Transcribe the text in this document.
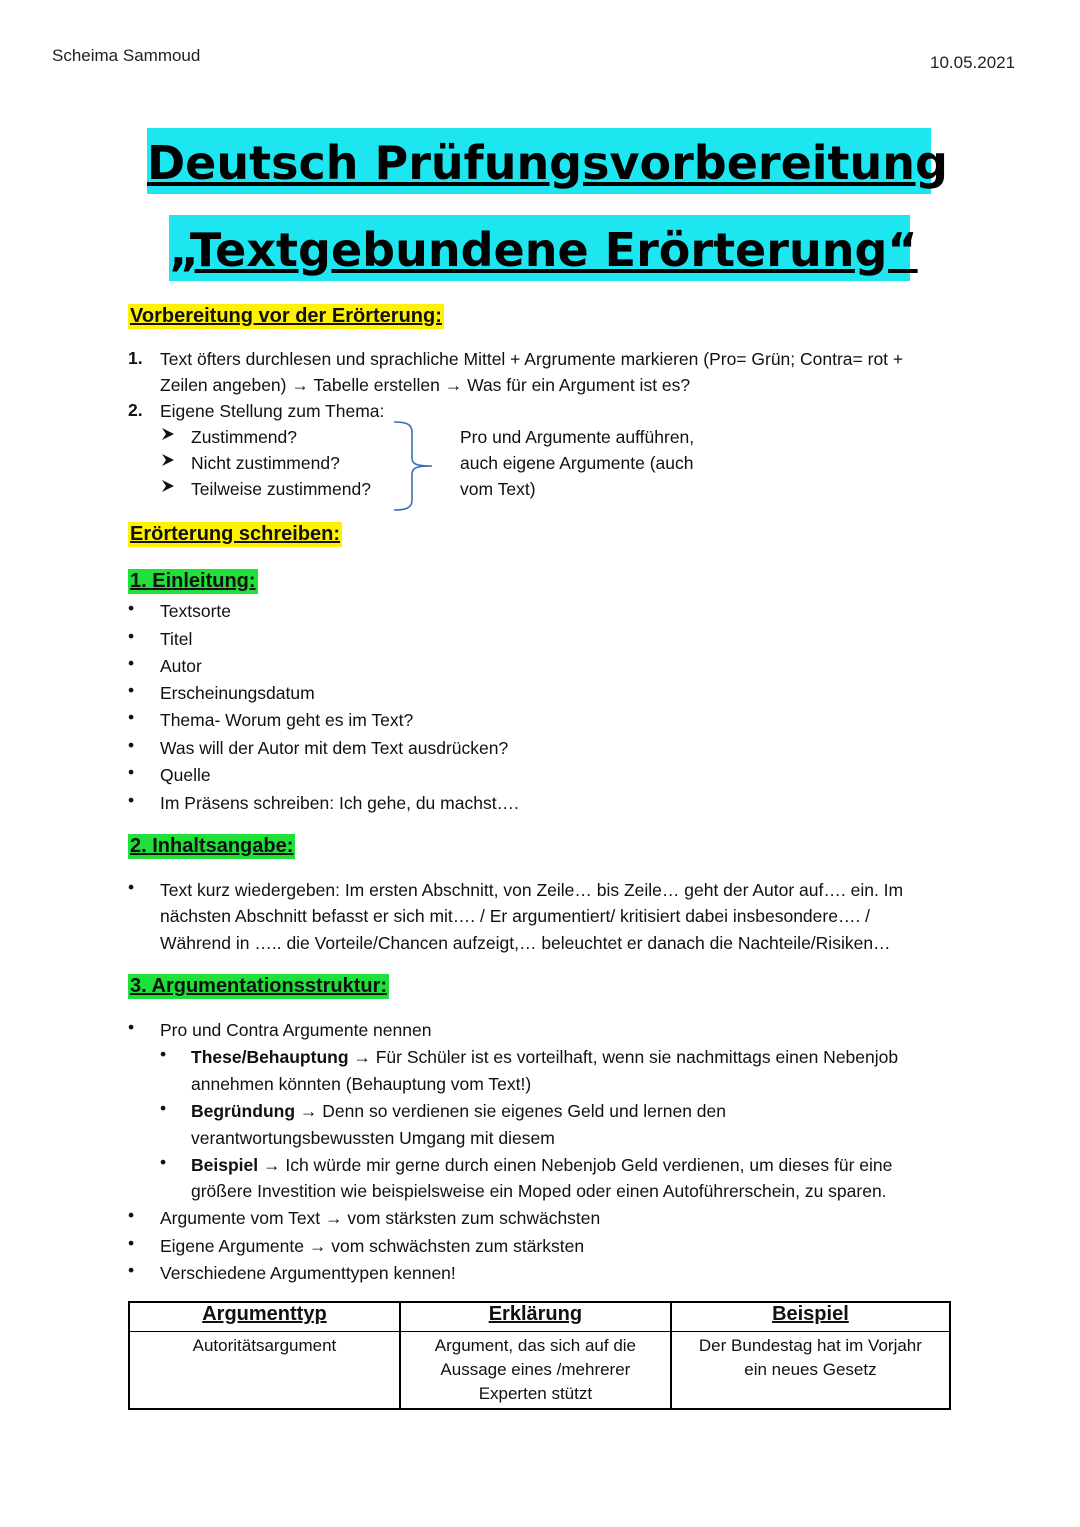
Scheima Sammoud	10.05.2021
Deutsch Prüfungsvorbereitung
„Textgebundene Erörterung“
Vorbereitung vor der Erörterung:
1. Text öfters durchlesen und sprachliche Mittel + Argrumente markieren (Pro= Grün; Contra= rot +
Zeilen angeben) → Tabelle erstellen → Was für ein Argument ist es?
2. Eigene Stellung zum Thema:
Zustimmend?
Nicht zustimmend?
Teilweise zustimmend?
Pro und Argumente aufführen,
auch eigene Argumente (auch
vom Text)
Erörterung schreiben:
1. Einleitung:
• Textsorte
• Titel
• Autor
• Erscheinungsdatum
• Thema- Worum geht es im Text?
• Was will der Autor mit dem Text ausdrücken?
• Quelle
• Im Präsens schreiben: Ich gehe, du machst….
2. Inhaltsangabe:
• Text kurz wiedergeben: Im ersten Abschnitt, von Zeile… bis Zeile… geht der Autor auf…. ein. Im
nächsten Abschnitt befasst er sich mit…. / Er argumentiert/ kritisiert dabei insbesondere…. /
Während in ….. die Vorteile/Chancen aufzeigt,… beleuchtet er danach die Nachteile/Risiken…
3. Argumentationsstruktur:
• Pro und Contra Argumente nennen
• These/Behauptung → Für Schüler ist es vorteilhaft, wenn sie nachmittags einen Nebenjob
annehmen könnten (Behauptung vom Text!)
• Begründung → Denn so verdienen sie eigenes Geld und lernen den
verantwortungsbewussten Umgang mit diesem
• Beispiel → Ich würde mir gerne durch einen Nebenjob Geld verdienen, um dieses für eine
größere Investition wie beispielsweise ein Moped oder einen Autoführerschein, zu sparen.
• Argumente vom Text → vom stärksten zum schwächsten
• Eigene Argumente → vom schwächsten zum stärksten
• Verschiedene Argumenttypen kennen!
Argumenttyp	Erklärung	Beispiel
Autoritätsargument	Argument, das sich auf die Aussage eines /mehrerer Experten stützt	Der Bundestag hat im Vorjahr ein neues Gesetz
